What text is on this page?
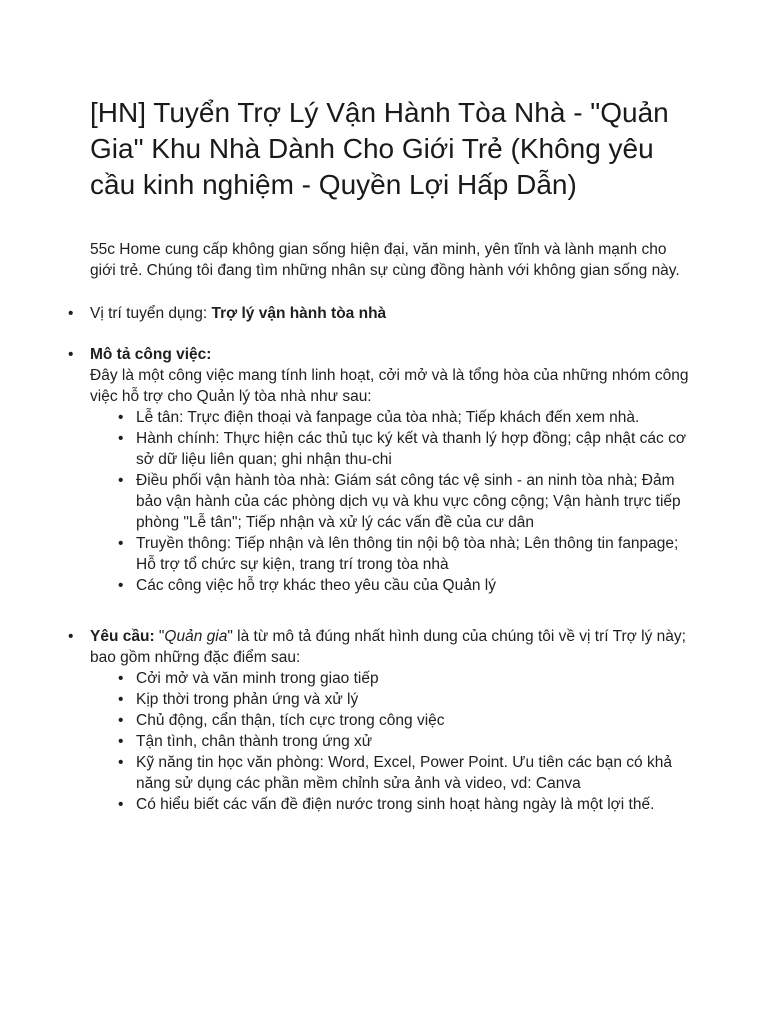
[HN] Tuyển Trợ Lý Vận Hành Tòa Nhà - "Quản Gia" Khu Nhà Dành Cho Giới Trẻ (Không yêu cầu kinh nghiệm - Quyền Lợi Hấp Dẫn)

55c Home cung cấp không gian sống hiện đại, văn minh, yên tĩnh và lành mạnh cho giới trẻ. Chúng tôi đang tìm những nhân sự cùng đồng hành với không gian sống này.

• Vị trí tuyển dụng: Trợ lý vận hành tòa nhà
• Mô tả công việc:
Đây là một công việc mang tính linh hoạt, cởi mở và là tổng hòa của những nhóm công việc hỗ trợ cho Quản lý tòa nhà như sau:
• Lễ tân: Trực điện thoại và fanpage của tòa nhà; Tiếp khách đến xem nhà.
• Hành chính: Thực hiện các thủ tục ký kết và thanh lý hợp đồng; cập nhật các cơ sở dữ liệu liên quan; ghi nhận thu-chi
• Điều phối vận hành tòa nhà: Giám sát công tác vệ sinh - an ninh tòa nhà; Đảm bảo vận hành của các phòng dịch vụ và khu vực công cộng; Vận hành trực tiếp phòng "Lễ tân"; Tiếp nhận và xử lý các vấn đề của cư dân
• Truyền thông: Tiếp nhận và lên thông tin nội bộ tòa nhà; Lên thông tin fanpage; Hỗ trợ tổ chức sự kiện, trang trí trong tòa nhà
• Các công việc hỗ trợ khác theo yêu cầu của Quản lý
• Yêu cầu: "Quản gia" là từ mô tả đúng nhất hình dung của chúng tôi về vị trí Trợ lý này; bao gồm những đặc điểm sau:
• Cởi mở và văn minh trong giao tiếp
• Kịp thời trong phản ứng và xử lý
• Chủ động, cẩn thận, tích cực trong công việc
• Tận tình, chân thành trong ứng xử
• Kỹ năng tin học văn phòng: Word, Excel, Power Point. Ưu tiên các bạn có khả năng sử dụng các phần mềm chỉnh sửa ảnh và video, vd: Canva
• Có hiểu biết các vấn đề điện nước trong sinh hoạt hàng ngày là một lợi thế.
